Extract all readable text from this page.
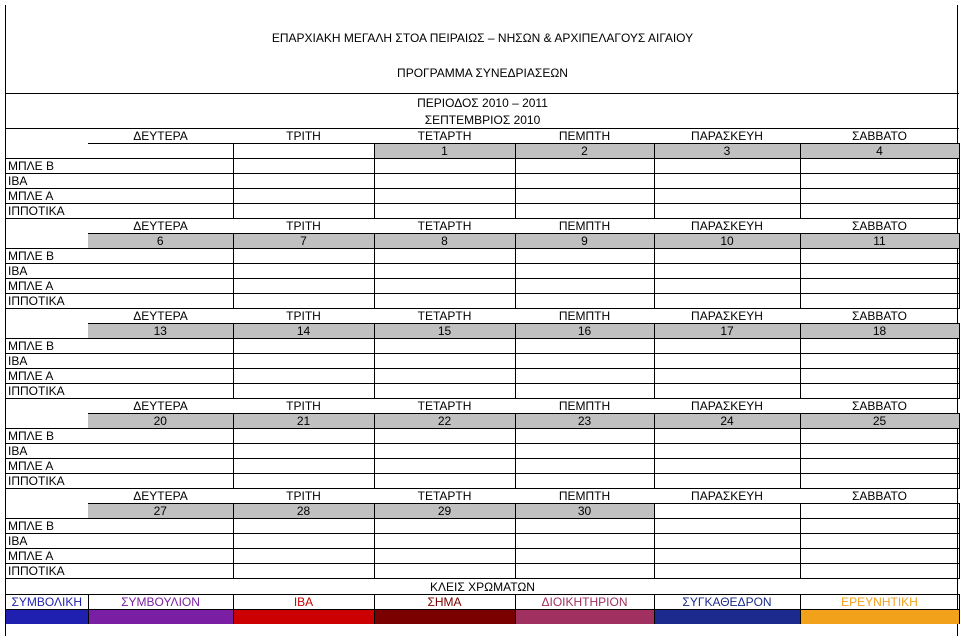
ΕΠΑΡΧΙΑΚΗ ΜΕΓΑΛΗ ΣΤΟΑ ΠΕΙΡΑΙΩΣ – ΝΗΣΩΝ & ΑΡΧΙΠΕΛΑΓΟΥΣ ΑΙΓΑΙΟΥ						

ΠΡΟΓΡΑΜΜΑ ΣΥΝΕΔΡΙΑΣΕΩΝ						

ΠΕΡΙΟΔΟΣ 2010 – 2011						
ΣΕΠΤΕΜΒΡΙΟΣ 2010						
	ΔΕΥΤΕΡΑ	ΤΡΙΤΗ	ΤΕΤΑΡΤΗ	ΠΕΜΠΤΗ	ΠΑΡΑΣΚΕΥΗ	ΣΑΒΒΑΤΟ
			1	2	3	4
ΜΠΛΕ Β						
ΙΒΑ						
ΜΠΛΕ Α						
ΙΠΠΟΤΙΚΑ						
	ΔΕΥΤΕΡΑ	ΤΡΙΤΗ	ΤΕΤΑΡΤΗ	ΠΕΜΠΤΗ	ΠΑΡΑΣΚΕΥΗ	ΣΑΒΒΑΤΟ
	6	7	8	9	10	11
ΜΠΛΕ Β						
ΙΒΑ						
ΜΠΛΕ Α						
ΙΠΠΟΤΙΚΑ						
	ΔΕΥΤΕΡΑ	ΤΡΙΤΗ	ΤΕΤΑΡΤΗ	ΠΕΜΠΤΗ	ΠΑΡΑΣΚΕΥΗ	ΣΑΒΒΑΤΟ
	13	14	15	16	17	18
ΜΠΛΕ Β						
ΙΒΑ						
ΜΠΛΕ Α						
ΙΠΠΟΤΙΚΑ						
	ΔΕΥΤΕΡΑ	ΤΡΙΤΗ	ΤΕΤΑΡΤΗ	ΠΕΜΠΤΗ	ΠΑΡΑΣΚΕΥΗ	ΣΑΒΒΑΤΟ
	20	21	22	23	24	25
ΜΠΛΕ Β						
ΙΒΑ						
ΜΠΛΕ Α						
ΙΠΠΟΤΙΚΑ						
	ΔΕΥΤΕΡΑ	ΤΡΙΤΗ	ΤΕΤΑΡΤΗ	ΠΕΜΠΤΗ	ΠΑΡΑΣΚΕΥΗ	ΣΑΒΒΑΤΟ
	27	28	29	30		
ΜΠΛΕ Β						
ΙΒΑ						
ΜΠΛΕ Α						
ΙΠΠΟΤΙΚΑ						
ΚΛΕΙΣ ΧΡΩΜΑΤΩΝ						
ΣΥΜΒΟΛΙΚΗ	ΣΥΜΒΟΥΛΙΟΝ	ΙΒΑ	ΣΗΜΑ	ΔΙΟΙΚΗΤΗΡΙΟΝ	ΣΥΓΚΑΘΕΔΡΟΝ	ΕΡΕΥΝΗΤΙΚΗ
